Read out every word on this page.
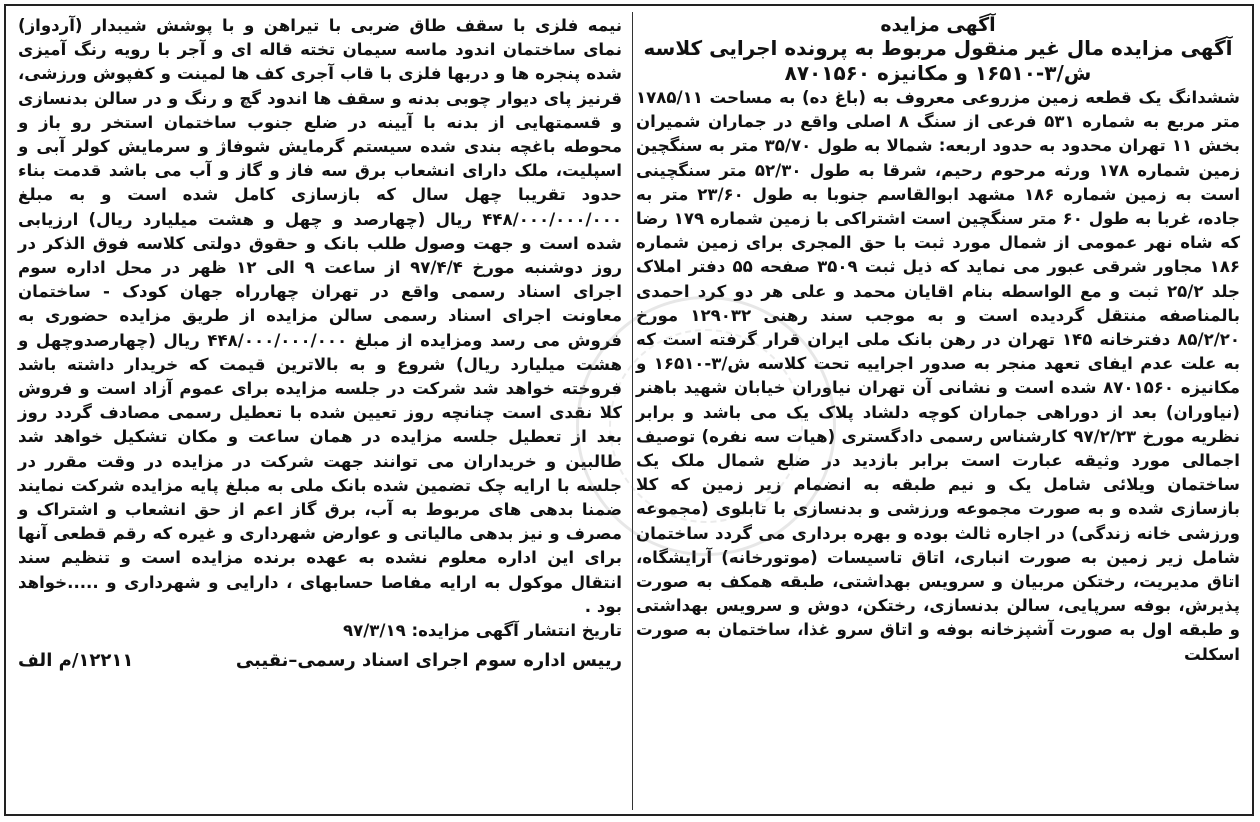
آگهی مزایده

آگهی مزایده مال غیر منقول مربوط به پرونده اجرایی کلاسه ش/۳-۱۶۵۱۰ و مکانیزه ۸۷۰۱۵۶۰

ششدانگ یک قطعه زمین مزروعی معروف به (باغ ده) به مساحت ۱۷۸۵/۱۱ متر مربع به شماره ۵۳۱ فرعی از سنگ ۸ اصلی واقع در جماران شمیران بخش ۱۱ تهران محدود به حدود اربعه: شمالا به طول ۳۵/۷۰ متر به سنگچین زمین شماره ۱۷۸ ورثه مرحوم رحیم، شرقا به طول ۵۲/۳۰ متر سنگچینی است به زمین شماره ۱۸۶ مشهد ابوالقاسم جنوبا به طول ۲۳/۶۰ متر به جاده، غربا به طول ۶۰ متر سنگچین است اشتراکی با زمین شماره ۱۷۹ رضا که شاه نهر عمومی از شمال مورد ثبت با حق المجری برای زمین شماره ۱۸۶ مجاور شرقی عبور می نماید که ذیل ثبت ۳۵۰۹ صفحه ۵۵ دفتر املاک جلد ۲۵/۲ ثبت و مع الواسطه بنام اقایان محمد و علی هر دو کرد احمدی بالمناصفه منتقل گردیده است و به موجب سند رهنی ۱۲۹۰۳۲ مورخ ۸۵/۲/۲۰ دفترخانه ۱۴۵ تهران در رهن بانک ملی ایران قرار گرفته است که به علت عدم ایفای تعهد منجر به صدور اجراییه تحت کلاسه ش/۳-۱۶۵۱۰ و مکانیزه ۸۷۰۱۵۶۰ شده است و نشانی آن تهران نیاوران خیابان شهید باهنر (نیاوران) بعد از دوراهی جماران کوچه دلشاد پلاک یک می باشد و برابر نظریه مورخ ۹۷/۲/۲۳ کارشناس رسمی دادگستری (هیات سه نفره) توصیف اجمالی مورد وثیقه عبارت است برابر بازدید در ضلع شمال ملک یک ساختمان ویلائی شامل یک و نیم طبقه به انضمام زیر زمین که کلا بازسازی شده و به صورت مجموعه ورزشی و بدنسازی با تابلوی (مجموعه ورزشی خانه زندگی) در اجاره ثالث بوده و بهره برداری می گردد ساختمان شامل زیر زمین به صورت انباری، اتاق تاسیسات (موتورخانه) آرایشگاه، اتاق مدیریت، رختکن مربیان و سرویس بهداشتی، طبقه همکف به صورت پذیرش، بوفه سرپایی، سالن بدنسازی، رختکن، دوش و سرویس بهداشتی و طبقه اول به صورت آشپزخانه بوفه و اتاق سرو غذا، ساختمان به صورت اسکلت

نیمه فلزی با سقف طاق ضربی با تیراهن و با پوشش شیبدار (آردواز) نمای ساختمان اندود ماسه سیمان تخته قاله ای و آجر با رویه رنگ آمیزی شده پنجره ها و دربها فلزی با قاب آجری کف ها لمینت و کفپوش ورزشی، قرنیز پای دیوار چوبی بدنه و سقف ها اندود گچ و رنگ و در سالن بدنسازی و قسمتهایی از بدنه با آیینه در ضلع جنوب ساختمان استخر رو باز و محوطه باغچه بندی شده سیستم گرمایش شوفاژ و سرمایش کولر آبی و اسپلیت، ملک دارای انشعاب برق سه فاز و گاز و آب می باشد قدمت بناء حدود تقریبا چهل سال که بازسازی کامل شده است و به مبلغ ۴۴۸/۰۰۰/۰۰۰/۰۰۰ ریال (چهارصد و چهل و هشت میلیارد ریال) ارزیابی شده است و جهت وصول طلب بانک و حقوق دولتی کلاسه فوق الذکر در روز دوشنبه مورخ ۹۷/۴/۴ از ساعت ۹ الی ۱۲ ظهر در محل اداره سوم اجرای اسناد رسمی واقع در تهران چهارراه جهان کودک - ساختمان معاونت اجرای اسناد رسمی سالن مزایده از طریق مزایده حضوری به فروش می رسد ومزایده از مبلغ ۴۴۸/۰۰۰/۰۰۰/۰۰۰ ریال (چهارصدوچهل و هشت میلیارد ریال) شروع و به بالاترین قیمت که خریدار داشته باشد فروخته خواهد شد شرکت در جلسه مزایده برای عموم آزاد است و فروش کلا نقدی است چنانچه روز تعیین شده با تعطیل رسمی مصادف گردد روز بعد از تعطیل جلسه مزایده در همان ساعت و مکان تشکیل خواهد شد طالبین و خریداران می توانند جهت شرکت در مزایده در وقت مقرر در جلسه با ارایه چک تضمین شده بانک ملی به مبلغ پایه مزایده شرکت نمایند ضمنا بدهی های مربوط به آب، برق گاز اعم از حق انشعاب و اشتراک و مصرف و نیز بدهی مالیاتی و عوارض شهرداری و غیره که رقم قطعی آنها برای این اداره معلوم نشده به عهده برنده مزایده است و تنظیم سند انتقال موکول به ارایه مفاصا حسابهای ، دارایی و شهرداری و .....خواهد بود .

تاریخ انتشار آگهی مزایده: ۹۷/۳/۱۹

رییس اداره سوم اجرای اسناد رسمی–نقیبی
۱۲۲۱۱/م الف
